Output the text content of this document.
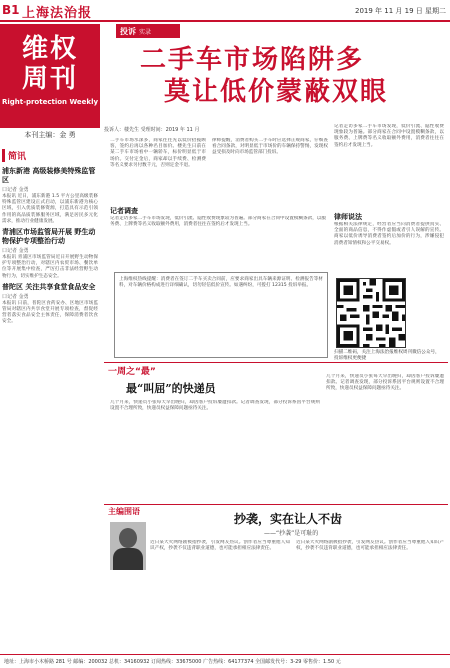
B1 上海法治报	2019 年 11 月 19 日 星期二
维权
周刊
Right-protection Weekly
本刊主编：金 勇
简讯
浦东新港 高级装修美特殊监管区
口记者 金勇
本报讯 近日，浦东新港 1.5 平方公里高级装修特殊监管区建设正式启动，以浦东新港为核心区域，引入优质装修资源，打造具有示范引领作用的高品质装修服务区域，满足居民多元化需求，推动行业健康发展。
青浦区市场监管局开展 野生动物保护专项整治行动
口记者 金勇
本报讯 青浦区市场监管局近日开展野生动物保护专项整治行动，对辖区内农贸市场、餐饮单位等开展集中检查，严厉打击非法经营野生动物行为，切实维护生态安全。
普陀区 关注共享食堂食品安全
口记者 金勇
本报讯 日前，普陀区食药安办、区地区市场监管局对辖区内共享食堂开展专项检查，督促经营者落实食品安全主体责任，保障消费者饮食安全。
投诉 实录
二手车市场陷阱多
莫让低价蒙蔽双眼
投诉人：楼先生 受理时间：2019 年 11 月
二手车市场水深多，商家往往先以低价招揽顾客，签约后再以各种名目加价。楼先生日前在某二手车市场看中一辆轿车，标价明显低于市场价。交付定金后，商家却以手续费、检测费等名义要求另付数千元，否则定金不退。
律师提醒，消费者购买二手车时应选择正规商家，仔细查看合同条款，对明显低于市场价的车辆保持警惕，发现权益受损及时向市场监管部门投诉。
记者走访多家二手车市场发现，低价引流、隐性收费现象较为普遍。部分商家在合同中设置模糊条款，以服务费、上牌费等名义收取额外费用，消费者往往在签约后才发现上当。
记者调查
记者走访多家二手车市场发现，低价引流、隐性收费现象较为普遍。部分商家在合同中设置模糊条款，以服务费、上牌费等名义收取额外费用，消费者往往在签约后才发现上当。
律师说法
根据相关法律规定，经营者应当向消费者提供真实、全面的商品信息，不得作虚假或者引人误解的宣传。商家以低价诱导消费者签约后加价的行为，涉嫌侵犯消费者知情权和公平交易权。
上海维权热线提醒：消费者在签订二手车买卖合同前，应要求商家出具车辆来源证明、检测报告等材料，对车辆价格构成进行详细确认，切勿轻信低价宣传。如遇纠纷，可拨打 12315 投诉举报。
扫描二维码，关注上海法治报维权周刊微信公众号，投诉维权更便捷
一周之“最”
最“叫屈”的快递员
几个月来，快递员小张每天早出晚归，却因客户投诉屡遭扣款。记者调查发现，部分投诉系因平台规则设置不合理所致，快递员权益保障问题亟待关注。
几个月来，快递员小张每天早出晚归，却因客户投诉屡遭扣款。记者调查发现，部分投诉系因平台规则设置不合理所致，快递员权益保障问题亟待关注。
主编围语
抄袭，实在让人不齿
——“抄袭”是可耻的
近日某大火网络剧被指抄袭，引发网友热议。创作者应当尊重他人知识产权，抄袭不仅违背职业道德，也可能承担相应法律责任。
近日某大火网络剧被指抄袭，引发网友热议。创作者应当尊重他人知识产权，抄袭不仅违背职业道德，也可能承担相应法律责任。
地址：上海市小木桥路 281 号 邮编：200032 总机：34160932 订阅热线：33675000 广告热线：64177374 全国邮发代号：3-29 零售价：1.50 元
